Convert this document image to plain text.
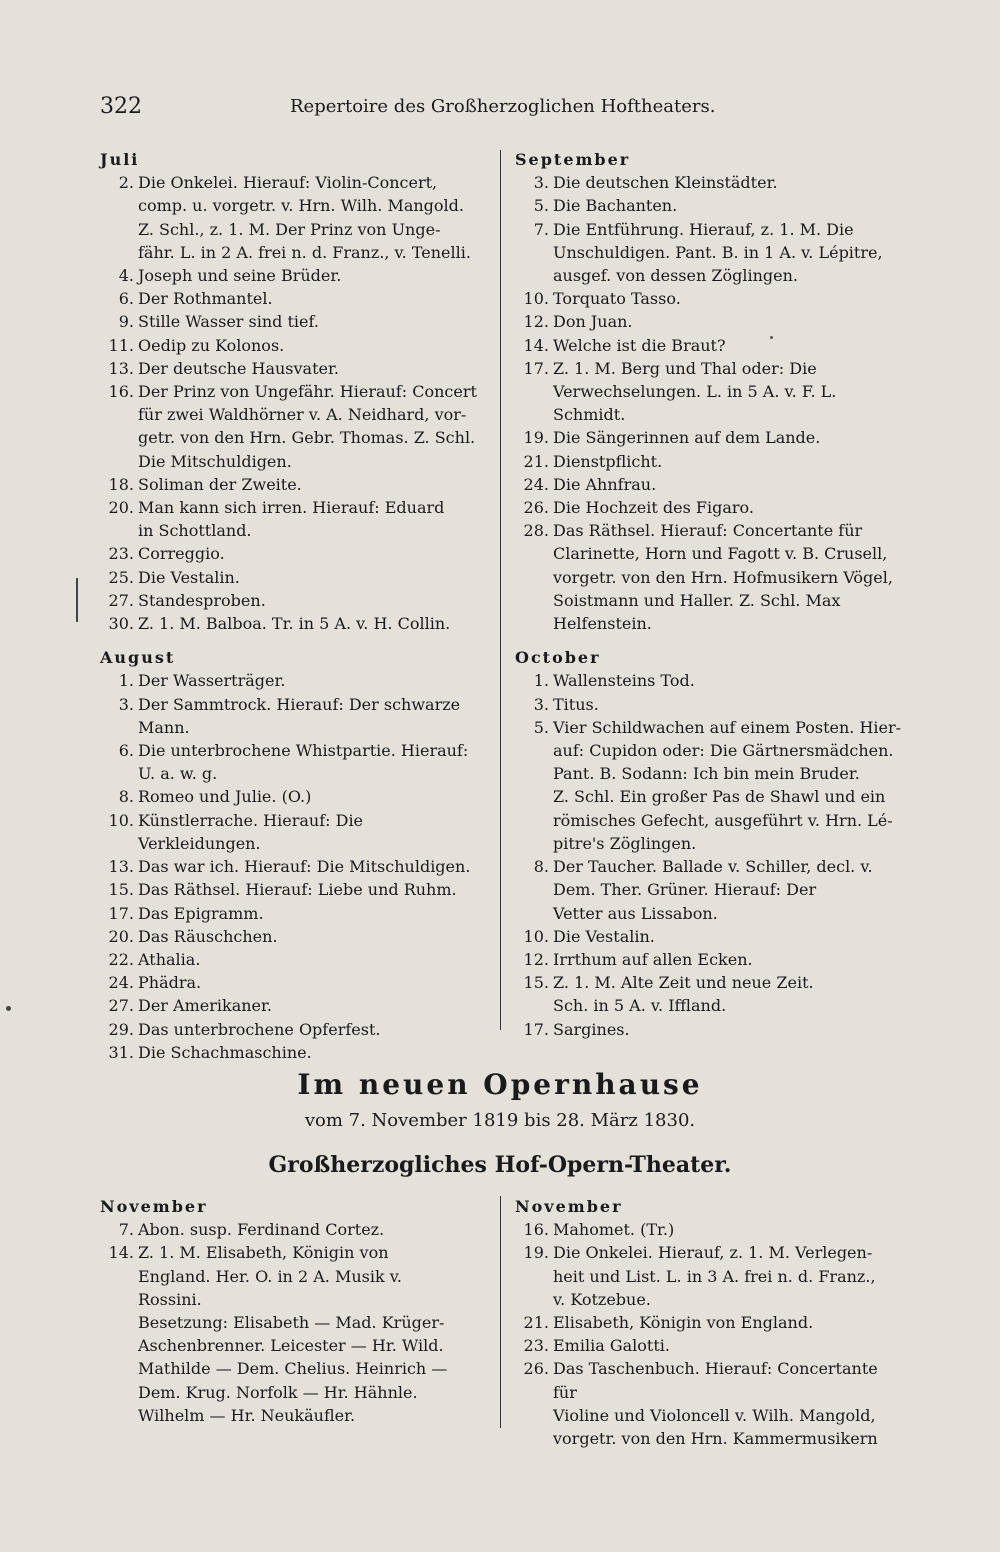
322	Repertoire des Großherzoglichen Hoftheaters.
Juli
2. Die Onkelei. Hierauf: Violin-Concert,
comp. u. vorgetr. v. Hrn. Wilh. Mangold.
Z. Schl., z. 1. M. Der Prinz von Unge-
fähr. L. in 2 A. frei n. d. Franz., v. Tenelli.
4. Joseph und seine Brüder.
6. Der Rothmantel.
9. Stille Wasser sind tief.
11. Oedip zu Kolonos.
13. Der deutsche Hausvater.
16. Der Prinz von Ungefähr. Hierauf: Concert
für zwei Waldhörner v. A. Neidhard, vor-
getr. von den Hrn. Gebr. Thomas. Z. Schl.
Die Mitschuldigen.
18. Soliman der Zweite.
20. Man kann sich irren. Hierauf: Eduard
in Schottland.
23. Correggio.
25. Die Vestalin.
27. Standesproben.
30. Z. 1. M. Balboa. Tr. in 5 A. v. H. Collin.
August
1. Der Wasserträger.
3. Der Sammtrock. Hierauf: Der schwarze
Mann.
6. Die unterbrochene Whistpartie. Hierauf:
U. a. w. g.
8. Romeo und Julie. (O.)
10. Künstlerrache. Hierauf: Die Verkleidungen.
13. Das war ich. Hierauf: Die Mitschuldigen.
15. Das Räthsel. Hierauf: Liebe und Ruhm.
17. Das Epigramm.
20. Das Räuschchen.
22. Athalia.
24. Phädra.
27. Der Amerikaner.
29. Das unterbrochene Opferfest.
31. Die Schachmaschine.
September
3. Die deutschen Kleinstädter.
5. Die Bachanten.
7. Die Entführung. Hierauf, z. 1. M. Die
Unschuldigen. Pant. B. in 1 A. v. Lépitre,
ausgef. von dessen Zöglingen.
10. Torquato Tasso.
12. Don Juan.
14. Welche ist die Braut?
17. Z. 1. M. Berg und Thal oder: Die
Verwechselungen. L. in 5 A. v. F. L.
Schmidt.
19. Die Sängerinnen auf dem Lande.
21. Dienstpflicht.
24. Die Ahnfrau.
26. Die Hochzeit des Figaro.
28. Das Räthsel. Hierauf: Concertante für
Clarinette, Horn und Fagott v. B. Crusell,
vorgetr. von den Hrn. Hofmusikern Vögel,
Soistmann und Haller. Z. Schl. Max
Helfenstein.
October
1. Wallensteins Tod.
3. Titus.
5. Vier Schildwachen auf einem Posten. Hier-
auf: Cupidon oder: Die Gärtnersmädchen.
Pant. B. Sodann: Ich bin mein Bruder.
Z. Schl. Ein großer Pas de Shawl und ein
römisches Gefecht, ausgeführt v. Hrn. Lé-
pitre's Zöglingen.
8. Der Taucher. Ballade v. Schiller, decl. v.
Dem. Ther. Grüner. Hierauf: Der
Vetter aus Lissabon.
10. Die Vestalin.
12. Irrthum auf allen Ecken.
15. Z. 1. M. Alte Zeit und neue Zeit.
Sch. in 5 A. v. Iffland.
17. Sargines.
Im neuen Opernhause
vom 7. November 1819 bis 28. März 1830.
Großherzogliches Hof-Opern-Theater.
November
7. Abon. susp. Ferdinand Cortez.
14. Z. 1. M. Elisabeth, Königin von
England. Her. O. in 2 A. Musik v.
Rossini.
Besetzung: Elisabeth — Mad. Krüger-
Aschenbrenner. Leicester — Hr. Wild.
Mathilde — Dem. Chelius. Heinrich —
Dem. Krug. Norfolk — Hr. Hähnle.
Wilhelm — Hr. Neukäufler.
November
16. Mahomet. (Tr.)
19. Die Onkelei. Hierauf, z. 1. M. Verlegen-
heit und List. L. in 3 A. frei n. d. Franz.,
v. Kotzebue.
21. Elisabeth, Königin von England.
23. Emilia Galotti.
26. Das Taschenbuch. Hierauf: Concertante für
Violine und Violoncell v. Wilh. Mangold,
vorgetr. von den Hrn. Kammermusikern
